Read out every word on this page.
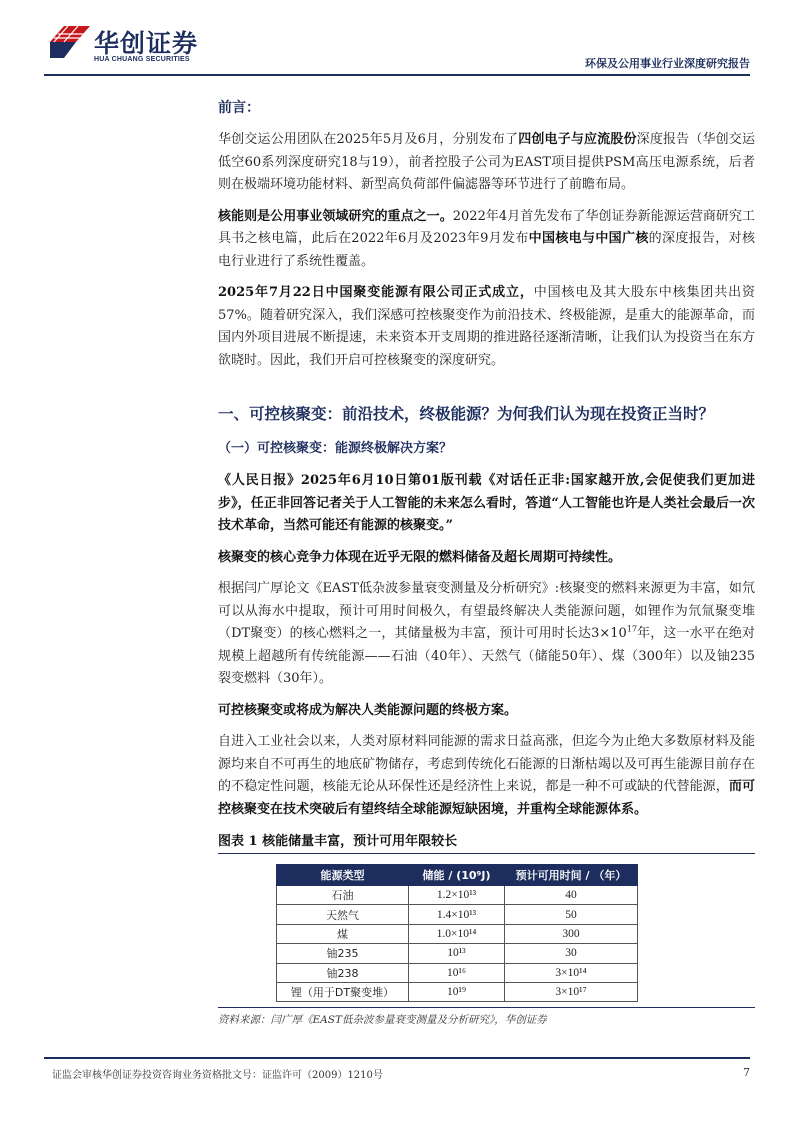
华创证券
HUA CHUANG SECURITIES	环保及公用事业行业深度研究报告
前言：

华创交运公用团队在2025年5月及6月，分别发布了四创电子与应流股份深度报告（华创交运低空60系列深度研究18与19），前者控股子公司为EAST项目提供PSM高压电源系统，后者则在极端环境功能材料、新型高负荷部件偏滤器等环节进行了前瞻布局。

核能则是公用事业领域研究的重点之一。2022年4月首先发布了华创证券新能源运营商研究工具书之核电篇，此后在2022年6月及2023年9月发布中国核电与中国广核的深度报告，对核电行业进行了系统性覆盖。

2025年7月22日中国聚变能源有限公司正式成立，中国核电及其大股东中核集团共出资57%。随着研究深入，我们深感可控核聚变作为前沿技术、终极能源，是重大的能源革命，而国内外项目进展不断提速，未来资本开支周期的推进路径逐渐清晰，让我们认为投资当在东方欲晓时。因此，我们开启可控核聚变的深度研究。

一、可控核聚变：前沿技术，终极能源？为何我们认为现在投资正当时？
（一）可控核聚变：能源终极解决方案？

《人民日报》2025年6月10日第01版刊载《对话任正非:国家越开放,会促使我们更加进步》，任正非回答记者关于人工智能的未来怎么看时，答道“人工智能也许是人类社会最后一次技术革命，当然可能还有能源的核聚变。”

核聚变的核心竞争力体现在近乎无限的燃料储备及超长周期可持续性。

根据闫广厚论文《EAST低杂波参量衰变测量及分析研究》:核聚变的燃料来源更为丰富，如氘可以从海水中提取，预计可用时间极久，有望最终解决人类能源问题，如锂作为氘氚聚变堆（DT聚变）的核心燃料之一，其储量极为丰富，预计可用时长达$3\times 10^{17}$年，这一水平在绝对规模上超越所有传统能源——石油（40年）、天然气（储能50年）、煤（300年）以及铀235裂变燃料（30年）。

可控核聚变或将成为解决人类能源问题的终极方案。

自进入工业社会以来，人类对原材料同能源的需求日益高涨，但迄今为止绝大多数原材料及能源均来自不可再生的地底矿物储存，考虑到传统化石能源的日渐枯竭以及可再生能源目前存在的不稳定性问题，核能无论从环保性还是经济性上来说，都是一种不可或缺的代替能源，而可控核聚变在技术突破后有望终结全球能源短缺困境，并重构全球能源体系。

图表 1 核能储量丰富，预计可用年限较长
能源类型	储能 / (10⁹J)	预计可用时间 / （年）
石油	1.2×10¹³	40
天然气	1.4×10¹³	50
煤	1.0×10¹⁴	300
铀235	10¹³	30
铀238	10¹⁶	3×10¹⁴
锂（用于DT聚变堆）	10¹⁹	3×10¹⁷
资料来源：闫广厚《EAST低杂波参量衰变测量及分析研究》，华创证券
证监会审核华创证券投资咨询业务资格批文号：证监许可（2009）1210号	7
